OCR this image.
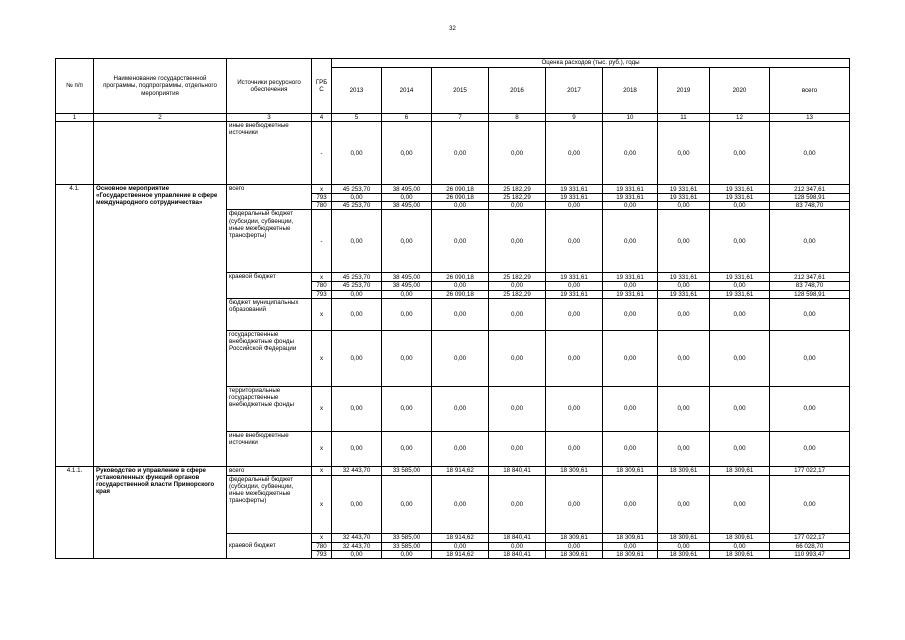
32
№ п/п	Наименование государственной программы, подпрограммы, отдельного мероприятия	Источники ресурсного обеспечения	ГРБ С	Оценка расходов (тыс. руб.), годы								
				2013	2014	2015	2016	2017	2018	2019	2020	всего
1	2	3	4	5	6	7	8	9	10	11	12	13
		иные внебюджетные источники	-	0,00	0,00	0,00	0,00	0,00	0,00	0,00	0,00	0,00
4.1.	Основное мероприятие «Государственное управление в сфере международного сотрудничества»	всего	х	45 253,70	38 495,00	26 090,18	25 182,29	19 331,61	19 331,61	19 331,61	19 331,61	212 347,61
			793	0,00	0,00	26 090,18	25 182,29	19 331,61	19 331,61	19 331,61	19 331,61	128 598,91
			780	45 253,70	38 495,00	0,00	0,00	0,00	0,00	0,00	0,00	83 748,70
		федеральный бюджет (субсидии, субвенции, иные межбюджетные трансферты)	-	0,00	0,00	0,00	0,00	0,00	0,00	0,00	0,00	0,00
		краевой бюджет	х	45 253,70	38 495,00	26 090,18	25 182,29	19 331,61	19 331,61	19 331,61	19 331,61	212 347,61
			780	45 253,70	38 495,00	0,00	0,00	0,00	0,00	0,00	0,00	83 748,70
			793	0,00	0,00	26 090,18	25 182,29	19 331,61	19 331,61	19 331,61	19 331,61	128 598,91
		бюджет муниципальных образований	х	0,00	0,00	0,00	0,00	0,00	0,00	0,00	0,00	0,00
		государственные внебюджетные фонды Российской Федерации	х	0,00	0,00	0,00	0,00	0,00	0,00	0,00	0,00	0,00
		территориальные государственные внебюджетные фонды	х	0,00	0,00	0,00	0,00	0,00	0,00	0,00	0,00	0,00
		иные внебюджетные источники	х	0,00	0,00	0,00	0,00	0,00	0,00	0,00	0,00	0,00
4.1.1.	Руководство и управление в сфере установленных функций органов государственной власти Приморского края	всего	х	32 443,70	33 585,00	18 914,62	18 840,41	18 309,61	18 309,61	18 309,61	18 309,61	177 022,17
		федеральный бюджет (субсидии, субвенции, иные межбюджетные трансферты)	х	0,00	0,00	0,00	0,00	0,00	0,00	0,00	0,00	0,00
		краевой бюджет	х	32 443,70	33 585,00	18 914,62	18 840,41	18 309,61	18 309,61	18 309,61	18 309,61	177 022,17
			780	32 443,70	33 585,00	0,00	0,00	0,00	0,00	0,00	0,00	66 028,70
			793	0,00	0,00	18 914,62	18 840,41	18 309,61	18 309,61	18 309,61	18 309,61	110 993,47
